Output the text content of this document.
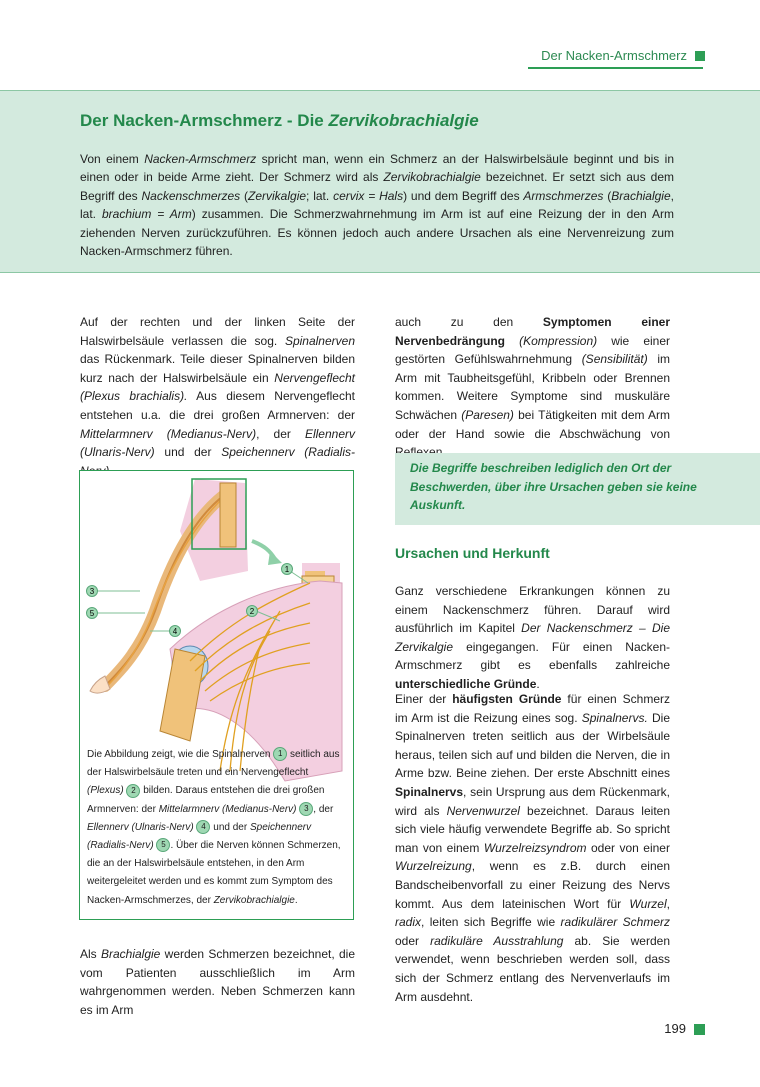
Der Nacken-Armschmerz
Der Nacken-Armschmerz - Die Zervikobrachialgie
Von einem Nacken-Armschmerz spricht man, wenn ein Schmerz an der Halswirbelsäule beginnt und bis in einen oder in beide Arme zieht. Der Schmerz wird als Zervikobrachialgie bezeichnet. Er setzt sich aus dem Begriff des Nackenschmerzes (Zervikalgie; lat. cervix = Hals) und dem Begriff des Armschmerzes (Brachialgie, lat. brachium = Arm) zusammen. Die Schmerzwahrnehmung im Arm ist auf eine Reizung der in den Arm ziehenden Nerven zurückzuführen. Es können jedoch auch andere Ursachen als eine Nervenreizung zum Nacken-Armschmerz führen.

Auf der rechten und der linken Seite der Halswirbelsäule verlassen die sog. Spinalnerven das Rückenmark. Teile dieser Spinalnerven bilden kurz nach der Halswirbelsäule ein Nervengeflecht (Plexus brachialis). Aus diesem Nervengeflecht entstehen u.a. die drei großen Armnerven: der Mittelarmnerv (Medianus-Nerv), der Ellennerv (Ulnaris-Nerv) und der Speichennerv (Radialis-

3
5
4
1
2
Die Abbildung zeigt, wie die Spinalnerven 1 seitlich aus der Halswirbelsäule treten und ein Nervengeflecht (Plexus) 2 bilden. Daraus entstehen die drei großen Armnerven: der Mittelarmnerv (Medianus-Nerv) 3 , der Ellennerv (Ulnaris-Nerv) 4 und der Speichennerv (Radialis-Nerv) 5 . Über die Nerven können Schmerzen, die an der Halswirbelsäule entstehen, in den Arm weitergeleitet werden und es kommt zum Symptom des Nacken-Armschmerzes, der Zervikobrachialgie.

Als Brachialgie werden Schmerzen bezeichnet, die vom Patienten ausschließlich im Arm wahrgenommen werden. Neben Schmerzen kann es im Arm

auch zu den Symptomen einer Nervenbedrängung (Kompression) wie einer gestörten Gefühlswahrnehmung (Sensibilität) im Arm mit Taubheitsgefühl, Kribbeln oder Brennen kommen. Weitere Symptome sind muskuläre Schwächen (Paresen) bei Tätigkeiten mit dem Arm oder der Hand sowie die Abschwächung von

Die Begriffe beschreiben lediglich den Ort der Beschwerden, über ihre Ursachen geben sie keine Auskunft.
Ursachen und Herkunft

Ganz verschiedene Erkrankungen können zu einem Nackenschmerz führen. Darauf wird ausführlich im Kapitel Der Nackenschmerz – Die Zervikalgie eingegangen. Für einen Nacken-Armschmerz gibt es ebenfalls zahlreiche unterschiedliche Gründe.

Einer der häufigsten Gründe für einen Schmerz im Arm ist die Reizung eines sog. Spinalnervs. Die Spinalnerven treten seitlich aus der Wirbelsäule heraus, teilen sich auf und bilden die Nerven, die in Arme bzw. Beine ziehen. Der erste Abschnitt eines Spinalnervs, sein Ursprung aus dem Rückenmark, wird als Nervenwurzel bezeichnet. Daraus leiten sich viele häufig verwendete Begriffe ab. So spricht man von einem Wurzelreizsyndrom oder von einer Wurzelreizung, wenn es z.B. durch einen Bandscheibenvorfall zu einer Reizung des Nervs kommt. Aus dem lateinischen Wort für Wurzel, radix, leiten sich Begriffe wie radikulärer Schmerz oder radikuläre Ausstrahlung ab. Sie werden verwendet, wenn beschrieben werden soll, dass sich der Schmerz entlang des Nervenverlaufs im Arm ausdehnt.

199
